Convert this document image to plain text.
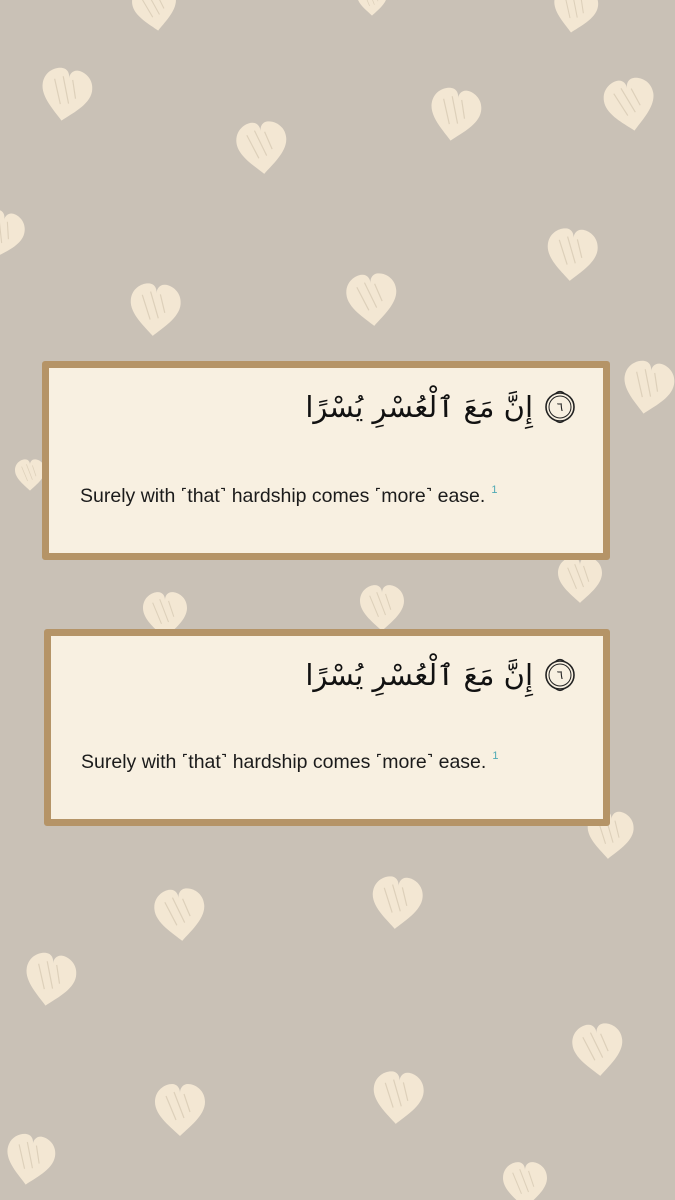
إِنَّ مَعَ ٱلْعُسْرِ يُسْرًا	٦
Surely with ˹that˺ hardship comes ˹more˺ ease. $^1$
إِنَّ مَعَ ٱلْعُسْرِ يُسْرًا	٦
Surely with ˹that˺ hardship comes ˹more˺ ease. $^1$
